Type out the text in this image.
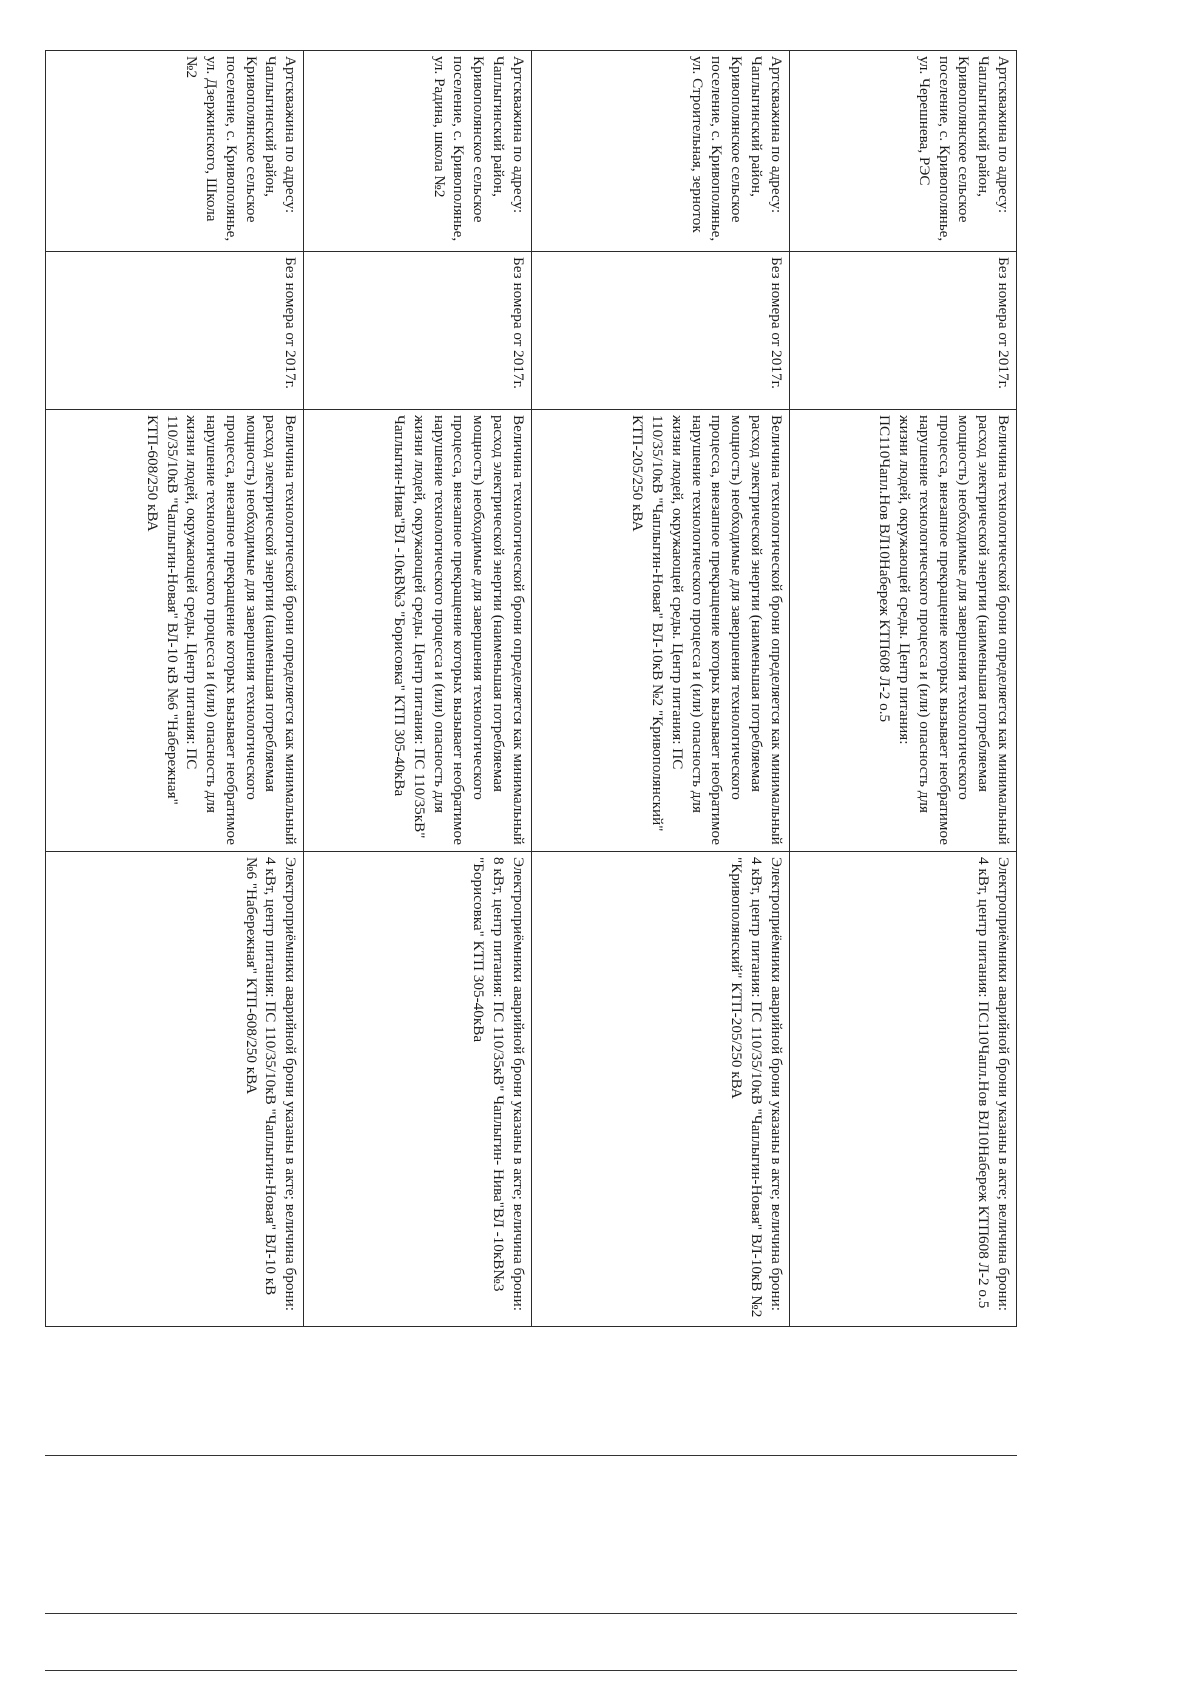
Артскважина по адресу: Чаплыгинский район, Кривополянское сельское поселение, с. Кривополянье, ул. Черешнева, РЭС	Без номера от 2017г.	Величина технологической брони определяется как минимальный расход электрической энергии (наименьшая потребляемая мощность) необходимые для завершения технологического процесса, внезапное прекращение которых вызывает необратимое нарушение технологического процесса и (или) опасность для жизни людей, окружающей среды. Центр питания: ПС110Чапл.Нов ВЛ10Набереж КТП608 Л-2 о.5	Электроприёмники аварийной брони указаны в акте; величина брони: 4 кВт, центр питания: ПС110Чапл.Нов ВЛ10Набереж КТП608 Л-2 о.5
Артскважина по адресу: Чаплыгинский район, Кривополянское сельское поселение, с. Кривополянье, ул. Строительная, зерноток	Без номера от 2017г.	Величина технологической брони определяется как минимальный расход электрической энергии (наименьшая потребляемая мощность) необходимые для завершения технологического процесса, внезапное прекращение которых вызывает необратимое нарушение технологического процесса и (или) опасность для жизни людей, окружающей среды. Центр питания: ПС 110/35/10кВ "Чаплыгин-Новая" ВЛ-10кВ №2 "Кривополянский" КТП-205/250 кВА	Электроприёмники аварийной брони указаны в акте; величина брони: 4 кВт, центр питания: ПС 110/35/10кВ "Чаплыгин-Новая" ВЛ-10кВ №2 "Кривополянский" КТП-205/250 кВА
Артскважина по адресу: Чаплыгинский район, Кривополянское сельское поселение, с. Кривополянье, ул. Радина, школа №2	Без номера от 2017г.	Величина технологической брони определяется как минимальный расход электрической энергии (наименьшая потребляемая мощность) необходимые для завершения технологического процесса, внезапное прекращение которых вызывает необратимое нарушение технологического процесса и (или) опасность для жизни людей, окружающей среды. Центр питания: ПС 110/35кВ" Чаплыгин-Нива"ВЛ -10кВ№3 "Борисовка" КТП 305-40кВа	Электроприёмники аварийной брони указаны в акте; величина брони: 8 кВт, центр питания: ПС 110/35кВ" Чаплыгин- Нива"ВЛ -10кВ№3 "Борисовка" КТП 305-40кВа
Артскважина по адресу: Чаплыгинский район, Кривополянское сельское поселение, с. Кривополянье, ул. Дзержинского, Школа №2	Без номера от 2017г.	Величина технологической брони определяется как минимальный расход электрической энергии (наименьшая потребляемая мощность) необходимые для завершения технологического процесса, внезапное прекращение которых вызывает необратимое нарушение технологического процесса и (или) опасность для жизни людей, окружающей среды. Центр питания: ПС 110/35/10кВ "Чаплыгин-Новая" ВЛ-10 кВ №6 "Набережная" КТП-608/250 кВА	Электроприёмники аварийной брони указаны в акте; величина брони: 4 кВт, центр питания: ПС 110/35/10кВ "Чаплыгин-Новая" ВЛ-10 кВ №6 "Набережная" КТП-608/250 кВА
